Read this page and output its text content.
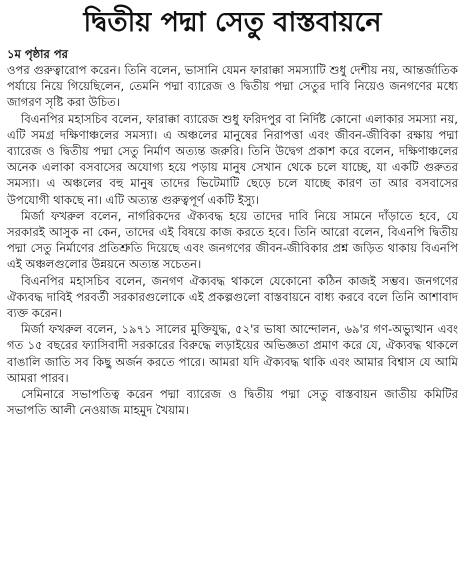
দ্বিতীয় পদ্মা সেতু বাস্তবায়নে
১ম পৃষ্ঠার পর

ওপর গুরুত্বারোপ করেন। তিনি বলেন, ভাসানি যেমন ফারাক্কা সমস্যাটি শুধু দেশীয় নয়, আন্তর্জাতিক পর্যায়ে নিয়ে গিয়েছিলেন, তেমনি পদ্মা ব্যারেজ ও দ্বিতীয় পদ্মা সেতুর দাবি নিয়েও জনগণের মধ্যে জাগরণ সৃষ্টি করা উচিত।

বিএনপির মহাসচিব বলেন, ফারাক্কা ব্যারেজ শুধু ফরিদপুর বা নির্দিষ্ট কোনো এলাকার সমস্যা নয়, এটি সমগ্র দক্ষিণাঞ্চলের সমস্যা। এ অঞ্চলের মানুষের নিরাপত্তা এবং জীবন-জীবিকা রক্ষায় পদ্মা ব্যারেজ ও দ্বিতীয় পদ্মা সেতু নির্মাণ অত্যন্ত জরুরি। তিনি উদ্বেগ প্রকাশ করে বলেন, দক্ষিণাঞ্চলের অনেক এলাকা বসবাসের অযোগ্য হয়ে পড়ায় মানুষ সেখান থেকে চলে যাচ্ছে, যা একটি গুরুতর সমস্যা। এ অঞ্চলের বহু মানুষ তাদের ভিটেমাটি ছেড়ে চলে যাচ্ছে কারণ তা আর বসবাসের উপযোগী থাকছে না। এটি অত্যন্ত গুরুত্বপূর্ণ একটি ইস্যু।

মির্জা ফখরুল বলেন, নাগরিকদের ঐক্যবদ্ধ হয়ে তাদের দাবি নিয়ে সামনে দাঁড়াতে হবে, যে সরকারই আসুক না কেন, তাদের এই বিষয়ে কাজ করতে হবে। তিনি আরো বলেন, বিএনপি দ্বিতীয় পদ্মা সেতু নির্মাণের প্রতিশ্রুতি দিয়েছে এবং জনগণের জীবন-জীবিকার প্রশ্ন জড়িত থাকায় বিএনপি এই অঞ্চলগুলোর উন্নয়নে অত্যন্ত সচেতন।

বিএনপির মহাসচিব বলেন, জনগণ ঐক্যবদ্ধ থাকলে যেকোনো কঠিন কাজই সম্ভব। জনগণের ঐক্যবদ্ধ দাবিই পরবর্তী সরকারগুলোকে এই প্রকল্পগুলো বাস্তবায়নে বাধ্য করবে বলে তিনি আশাবাদ ব্যক্ত করেন।

মির্জা ফখরুল বলেন, ১৯৭১ সালের মুক্তিযুদ্ধ, ৫২'র ভাষা আন্দোলন, ৬৯'র গণ-অভ্যুত্থান এবং গত ১৫ বছরের ফ্যাসিবাদী সরকারের বিরুদ্ধে লড়াইয়ের অভিজ্ঞতা প্রমাণ করে যে, ঐক্যবদ্ধ থাকলে বাঙালি জাতি সব কিছু অর্জন করতে পারে। আমরা যদি ঐক্যবদ্ধ থাকি এবং আমার বিশ্বাস যে আমি আমরা পারব।

সেমিনারে সভাপতিত্ব করেন পদ্মা ব্যারেজ ও দ্বিতীয় পদ্মা সেতু বাস্তবায়ন জাতীয় কমিটির সভাপতি আলী নেওয়াজ মাহমুদ খৈয়াম।
